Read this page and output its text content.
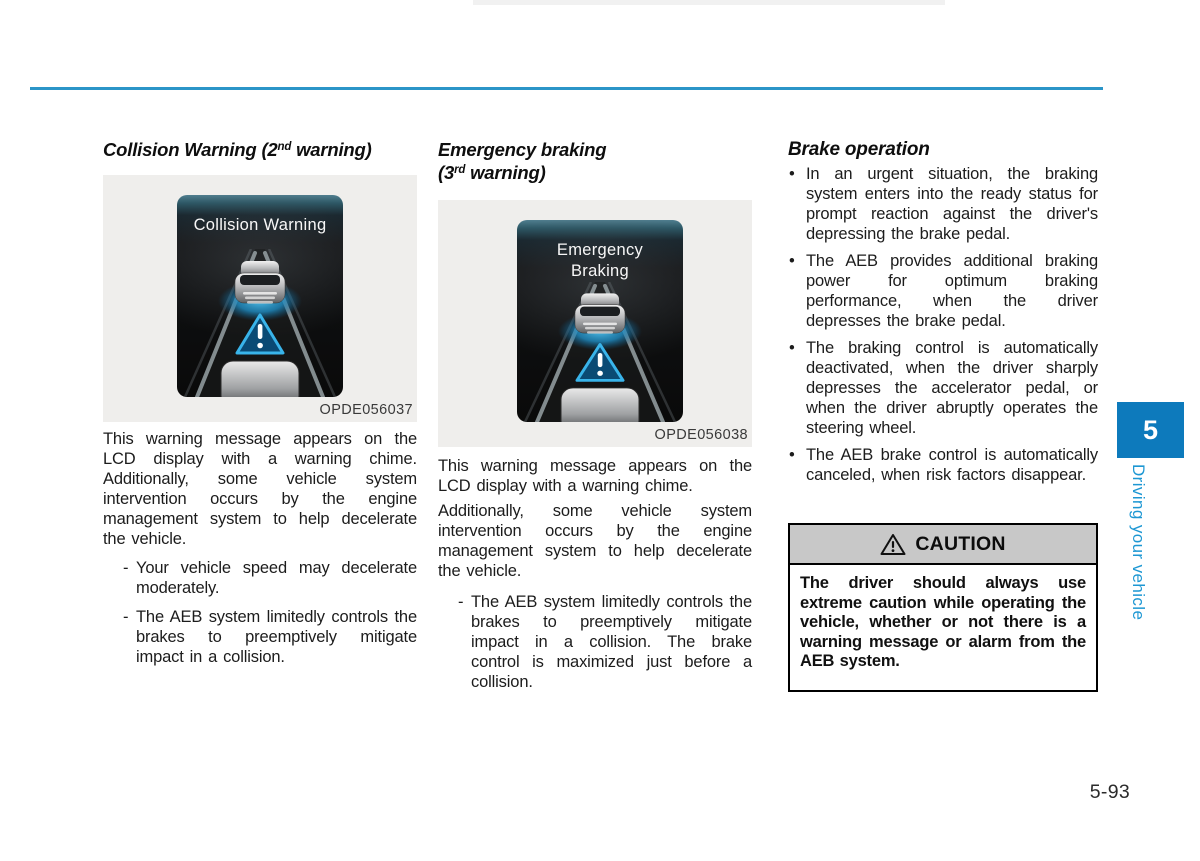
Collision Warning (2nd warning)
Collision Warning
OPDE056037
This warning message appears on the LCD display with a warning chime. Additionally, some vehicle system intervention occurs by the engine management system to help decelerate the vehicle.
- Your vehicle speed may decelerate moderately.
- The AEB system limitedly controls the brakes to preemptively mitigate impact in a collision.
Emergency braking
(3rd warning)
Emergency
Braking
OPDE056038
This warning message appears on the LCD display with a warning chime.
Additionally, some vehicle system intervention occurs by the engine management system to help decelerate the vehicle.
- The AEB system limitedly controls the brakes to preemptively mitigate impact in a collision. The brake control is maximized just before a collision.
Brake operation
• In an urgent situation, the braking system enters into the ready status for prompt reaction against the driver's depressing the brake pedal.
• The AEB provides additional braking power for optimum braking performance, when the driver depresses the brake pedal.
• The braking control is automatically deactivated, when the driver sharply depresses the accelerator pedal, or when the driver abruptly operates the steering wheel.
• The AEB brake control is automatically canceled, when risk factors disappear.
CAUTION
The driver should always use extreme caution while operating the vehicle, whether or not there is a warning message or alarm from the AEB system.
5
Driving your vehicle
5-93
